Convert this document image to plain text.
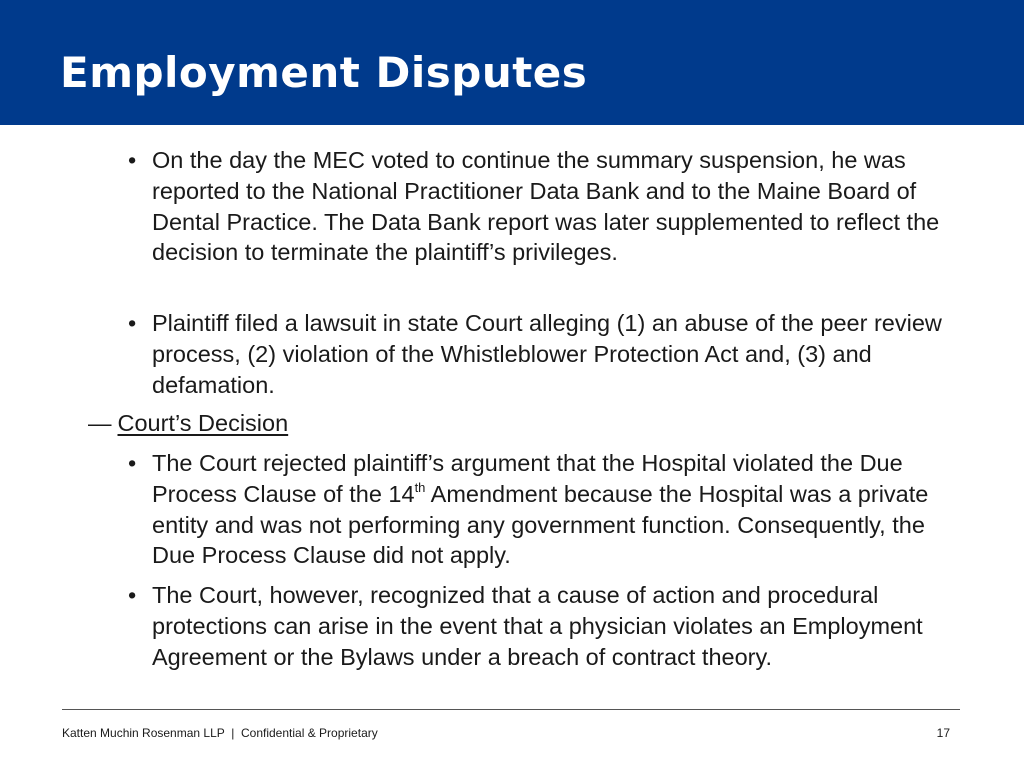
Employment Disputes
• On the day the MEC voted to continue the summary suspension, he was reported to the National Practitioner Data Bank and to the Maine Board of Dental Practice. The Data Bank report was later supplemented to reflect the decision to terminate the plaintiff’s privileges.
• Plaintiff filed a lawsuit in state Court alleging (1) an abuse of the peer review process, (2) violation of the Whistleblower Protection Act and, (3) and defamation.
— Court’s Decision
• The Court rejected plaintiff’s argument that the Hospital violated the Due Process Clause of the 14th Amendment because the Hospital was a private entity and was not performing any government function. Consequently, the Due Process Clause did not apply.
• The Court, however, recognized that a cause of action and procedural protections can arise in the event that a physician violates an Employment Agreement or the Bylaws under a breach of contract theory.
Katten Muchin Rosenman LLP  |  Confidential & Proprietary	17
